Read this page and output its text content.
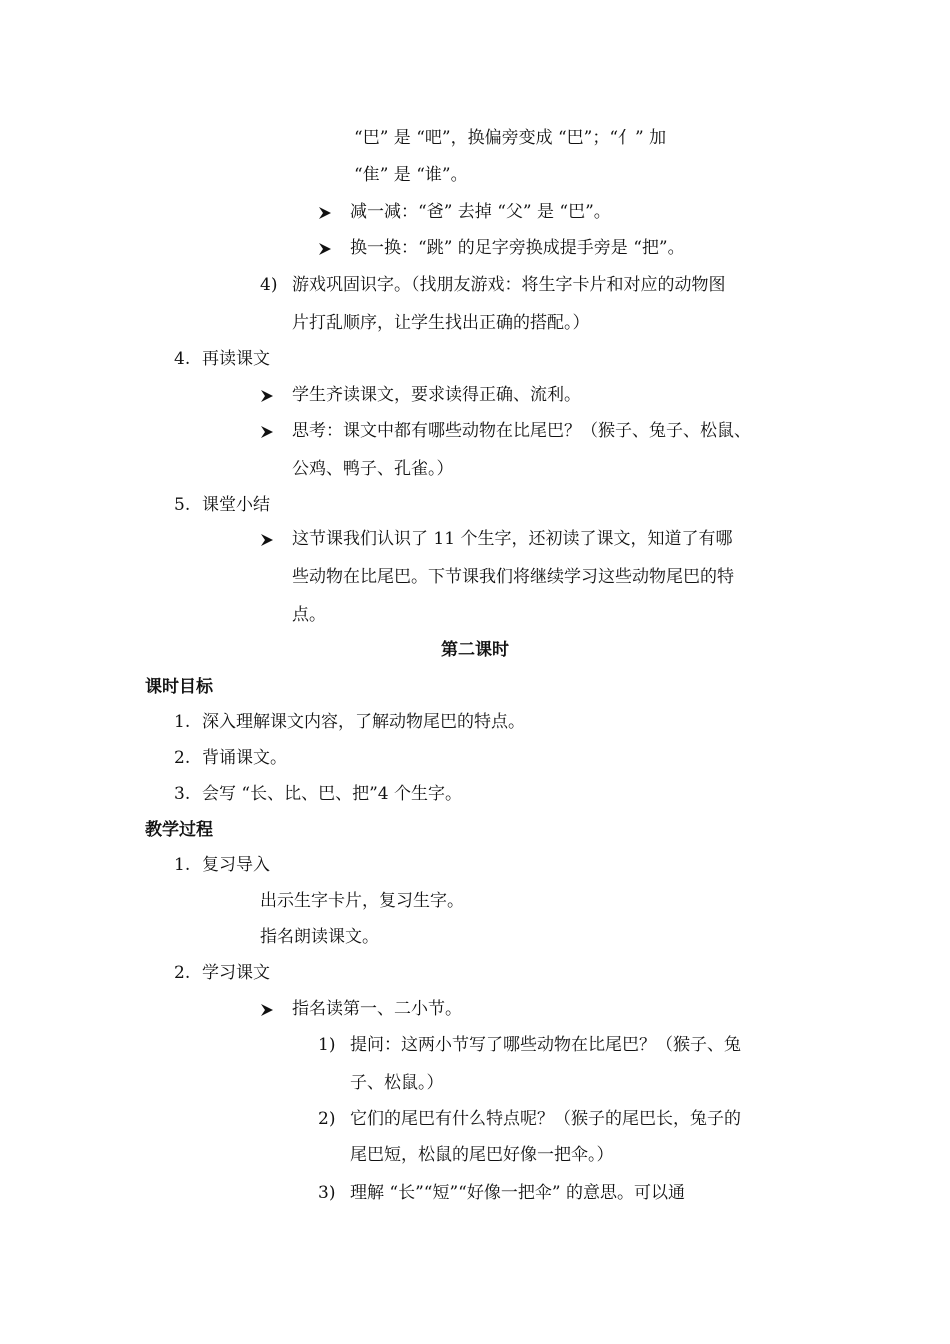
“巴” 是 “吧”，换偏旁变成 “巴”；“亻” 加
“隹” 是 “谁”。
减一减：“爸” 去掉 “父” 是 “巴”。
换一换：“跳” 的足字旁换成提手旁是 “把”。
4) 游戏巩固识字。（找朋友游戏：将生字卡片和对应的动物图
片打乱顺序，让学生找出正确的搭配。）
4. 再读课文
学生齐读课文，要求读得正确、流利。
思考：课文中都有哪些动物在比尾巴？（猴子、兔子、松鼠、
公鸡、鸭子、孔雀。）
5. 课堂小结
这节课我们认识了 11 个生字，还初读了课文，知道了有哪
些动物在比尾巴。下节课我们将继续学习这些动物尾巴的特
点。
第二课时
课时目标
1. 深入理解课文内容，了解动物尾巴的特点。
2. 背诵课文。
3. 会写 “长、比、巴、把”4 个生字。
教学过程
1. 复习导入
出示生字卡片，复习生字。
指名朗读课文。
2. 学习课文
指名读第一、二小节。
1) 提问：这两小节写了哪些动物在比尾巴？（猴子、兔
子、松鼠。）
2) 它们的尾巴有什么特点呢？（猴子的尾巴长，兔子的
尾巴短，松鼠的尾巴好像一把伞。）
3) 理解 “长”“短”“好像一把伞” 的意思。可以通
